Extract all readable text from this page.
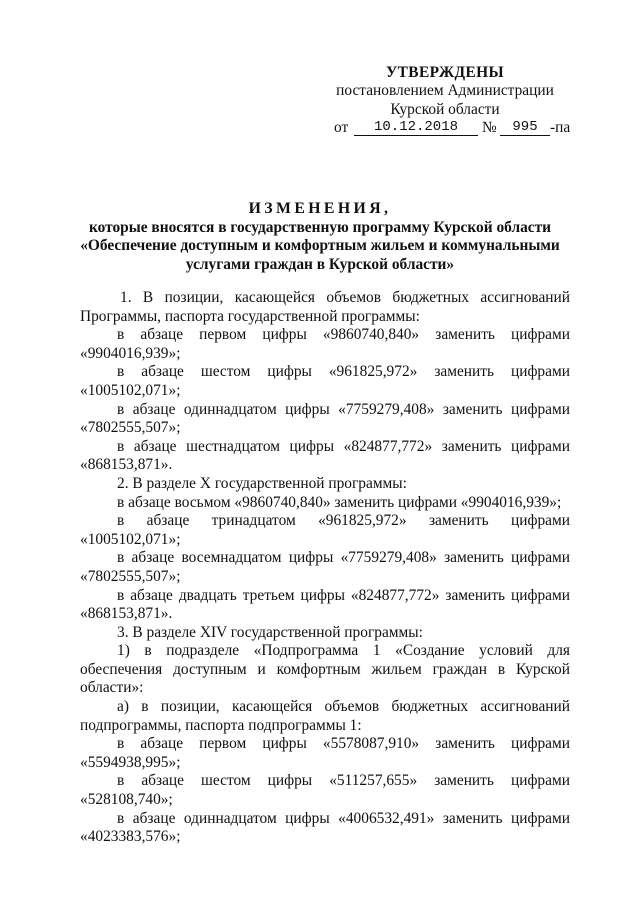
УТВЕРЖДЕНЫ
постановлением Администрации
Курской области
от	10.12.2018	№	995 -па
ИЗМЕНЕНИЯ,
которые вносятся в государственную программу Курской области
«Обеспечение доступным и комфортным жильем и коммунальными
услугами граждан в Курской области»

1. В позиции, касающейся объемов бюджетных ассигнований

Программы, паспорта государственной программы:

в абзаце первом цифры «9860740,840» заменить цифрами

«9904016,939»;

в абзаце шестом цифры «961825,972» заменить цифрами

«1005102,071»;

в абзаце одиннадцатом цифры «7759279,408» заменить цифрами

«7802555,507»;

в абзаце шестнадцатом цифры «824877,772» заменить цифрами

«868153,871».

2. В разделе X государственной программы:

в абзаце восьмом «9860740,840» заменить цифрами «9904016,939»;

в абзаце тринадцатом «961825,972» заменить цифрами

«1005102,071»;

в абзаце восемнадцатом цифры «7759279,408» заменить цифрами

«7802555,507»;

в абзаце двадцать третьем цифры «824877,772» заменить цифрами

«868153,871».

3. В разделе XIV государственной программы:

1) в подразделе «Подпрограмма 1 «Создание условий для

обеспечения доступным и комфортным жильем граждан в Курской

области»:

а) в позиции, касающейся объемов бюджетных ассигнований

подпрограммы, паспорта подпрограммы 1:

в абзаце первом цифры «5578087,910» заменить цифрами

«5594938,995»;

в абзаце шестом цифры «511257,655» заменить цифрами

«528108,740»;

в абзаце одиннадцатом цифры «4006532,491» заменить цифрами

«4023383,576»;
